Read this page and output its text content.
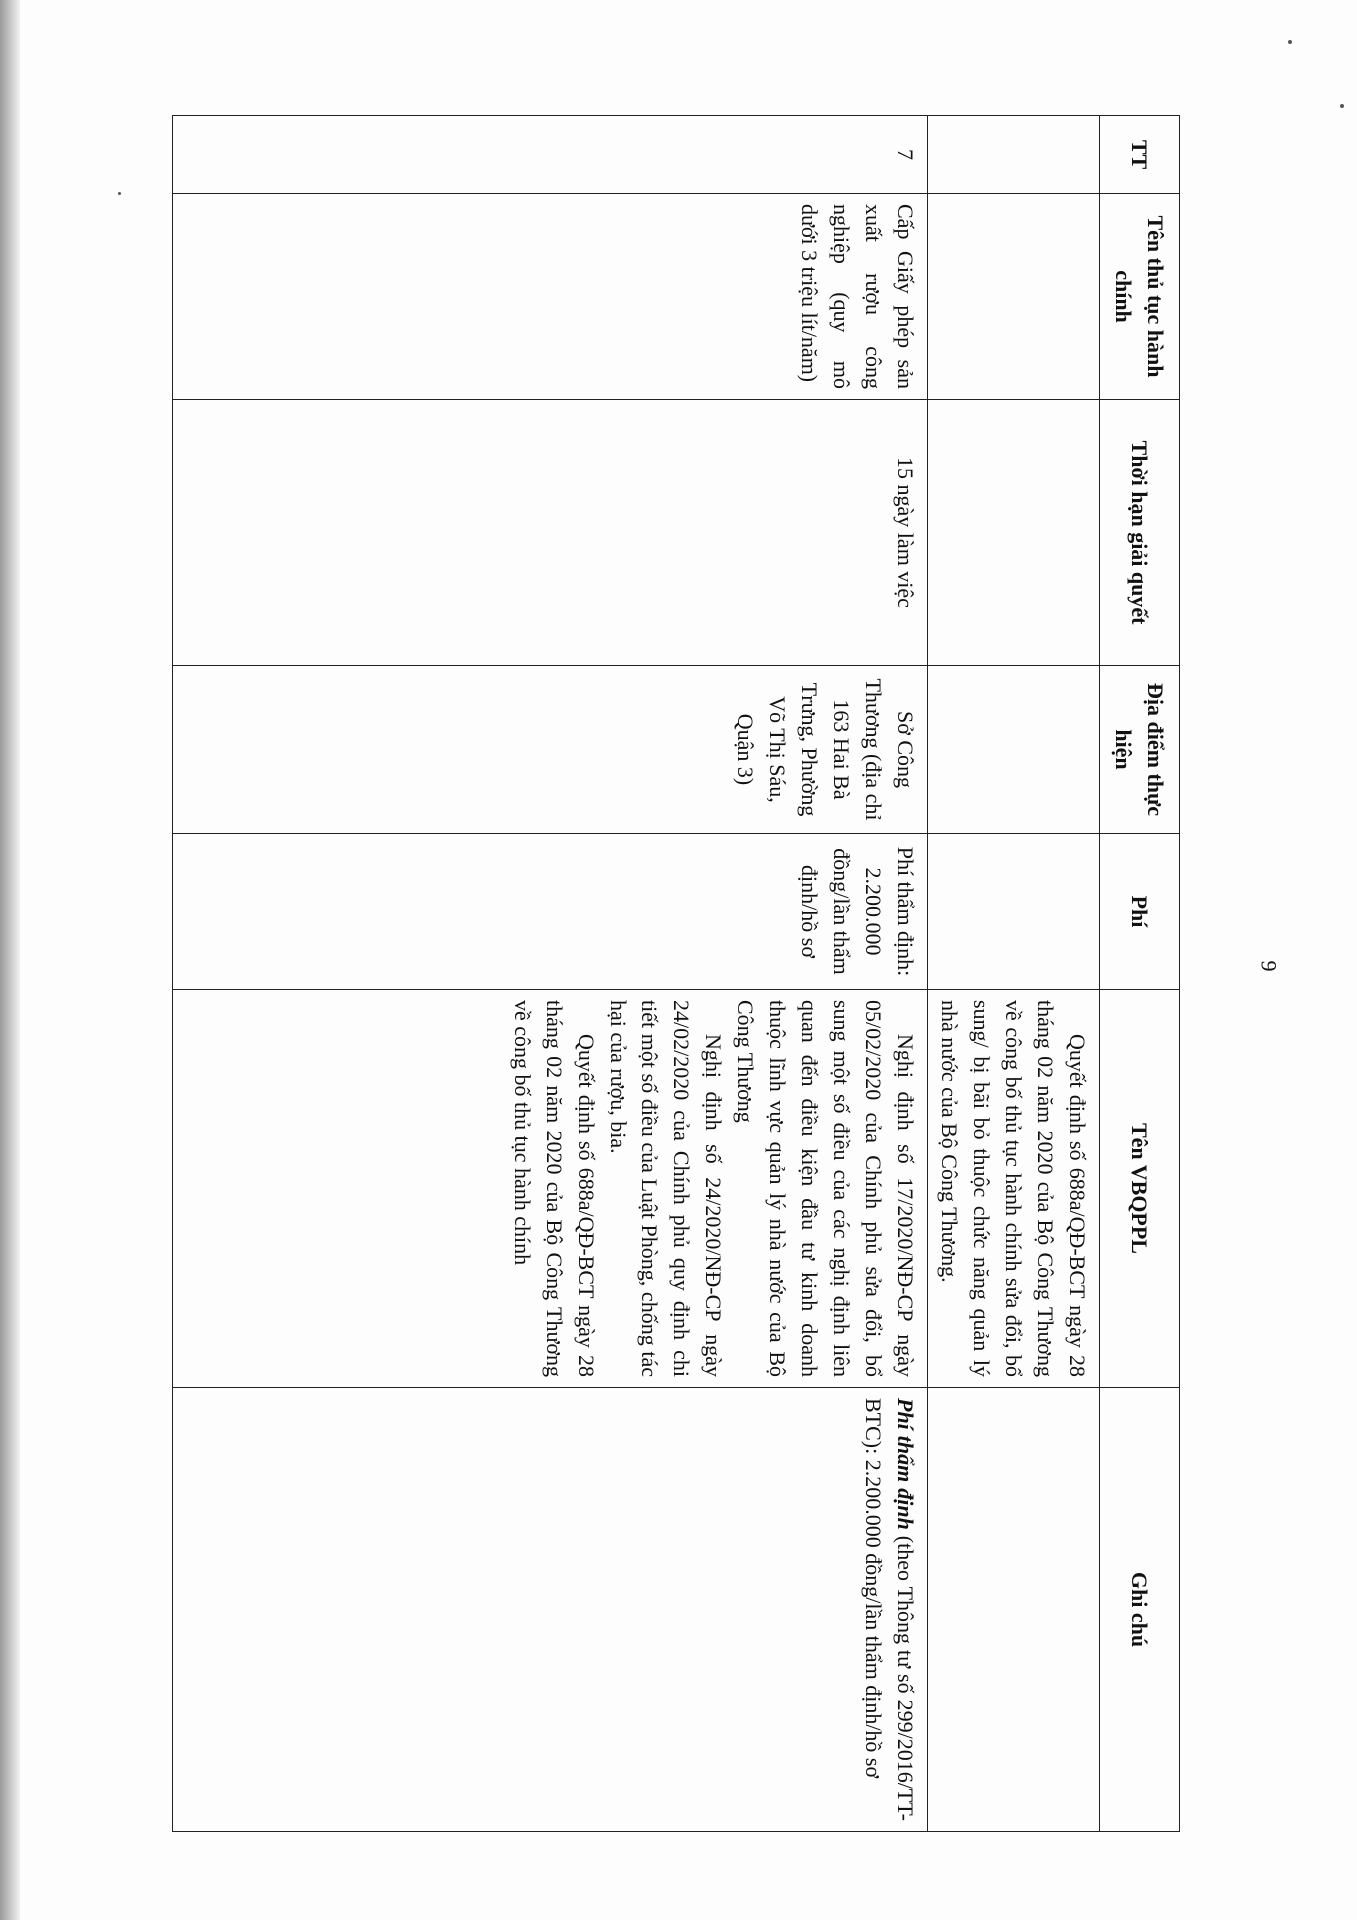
9
TT	Tên thủ tục hành chính	Thời hạn giải quyết	Địa điểm thực hiện	Phí	Tên VBQPPL	Ghi chú

					Quyết định số 688a/QĐ-BCT ngày 28 tháng 02 năm 2020 của Bộ Công Thương về công bố thủ tục hành chính sửa đổi, bổ sung/ bị bãi bỏ thuộc chức năng quản lý nhà nước của Bộ Công Thương.	

7	Cấp Giấy phép sản xuất rượu công nghiệp (quy mô dưới 3 triệu lít/năm)	15 ngày làm việc	Sở Công Thương (địa chỉ 163 Hai Bà Trưng, Phường Võ Thị Sáu, Quận 3)	Phí thẩm định: 2.200.000 đồng/lần thẩm định/hồ sơ	Nghị định số 17/2020/NĐ-CP ngày 05/02/2020 của Chính phủ sửa đổi, bổ sung một số điều của các nghị định liên quan đến điều kiện đầu tư kinh doanh thuộc lĩnh vực quản lý nhà nước của Bộ Công Thương

Nghị định số 24/2020/NĐ-CP ngày 24/02/2020 của Chính phủ quy định chi tiết một số điều của Luật Phòng, chống tác hại của rượu, bia.

Quyết định số 688a/QĐ-BCT ngày 28 tháng 02 năm 2020 của Bộ Công Thương về công bố thủ tục hành chính	Phí thẩm định (theo Thông tư số 299/2016/TT-BTC): 2.200.000 đồng/lần thẩm định/hồ sơ
